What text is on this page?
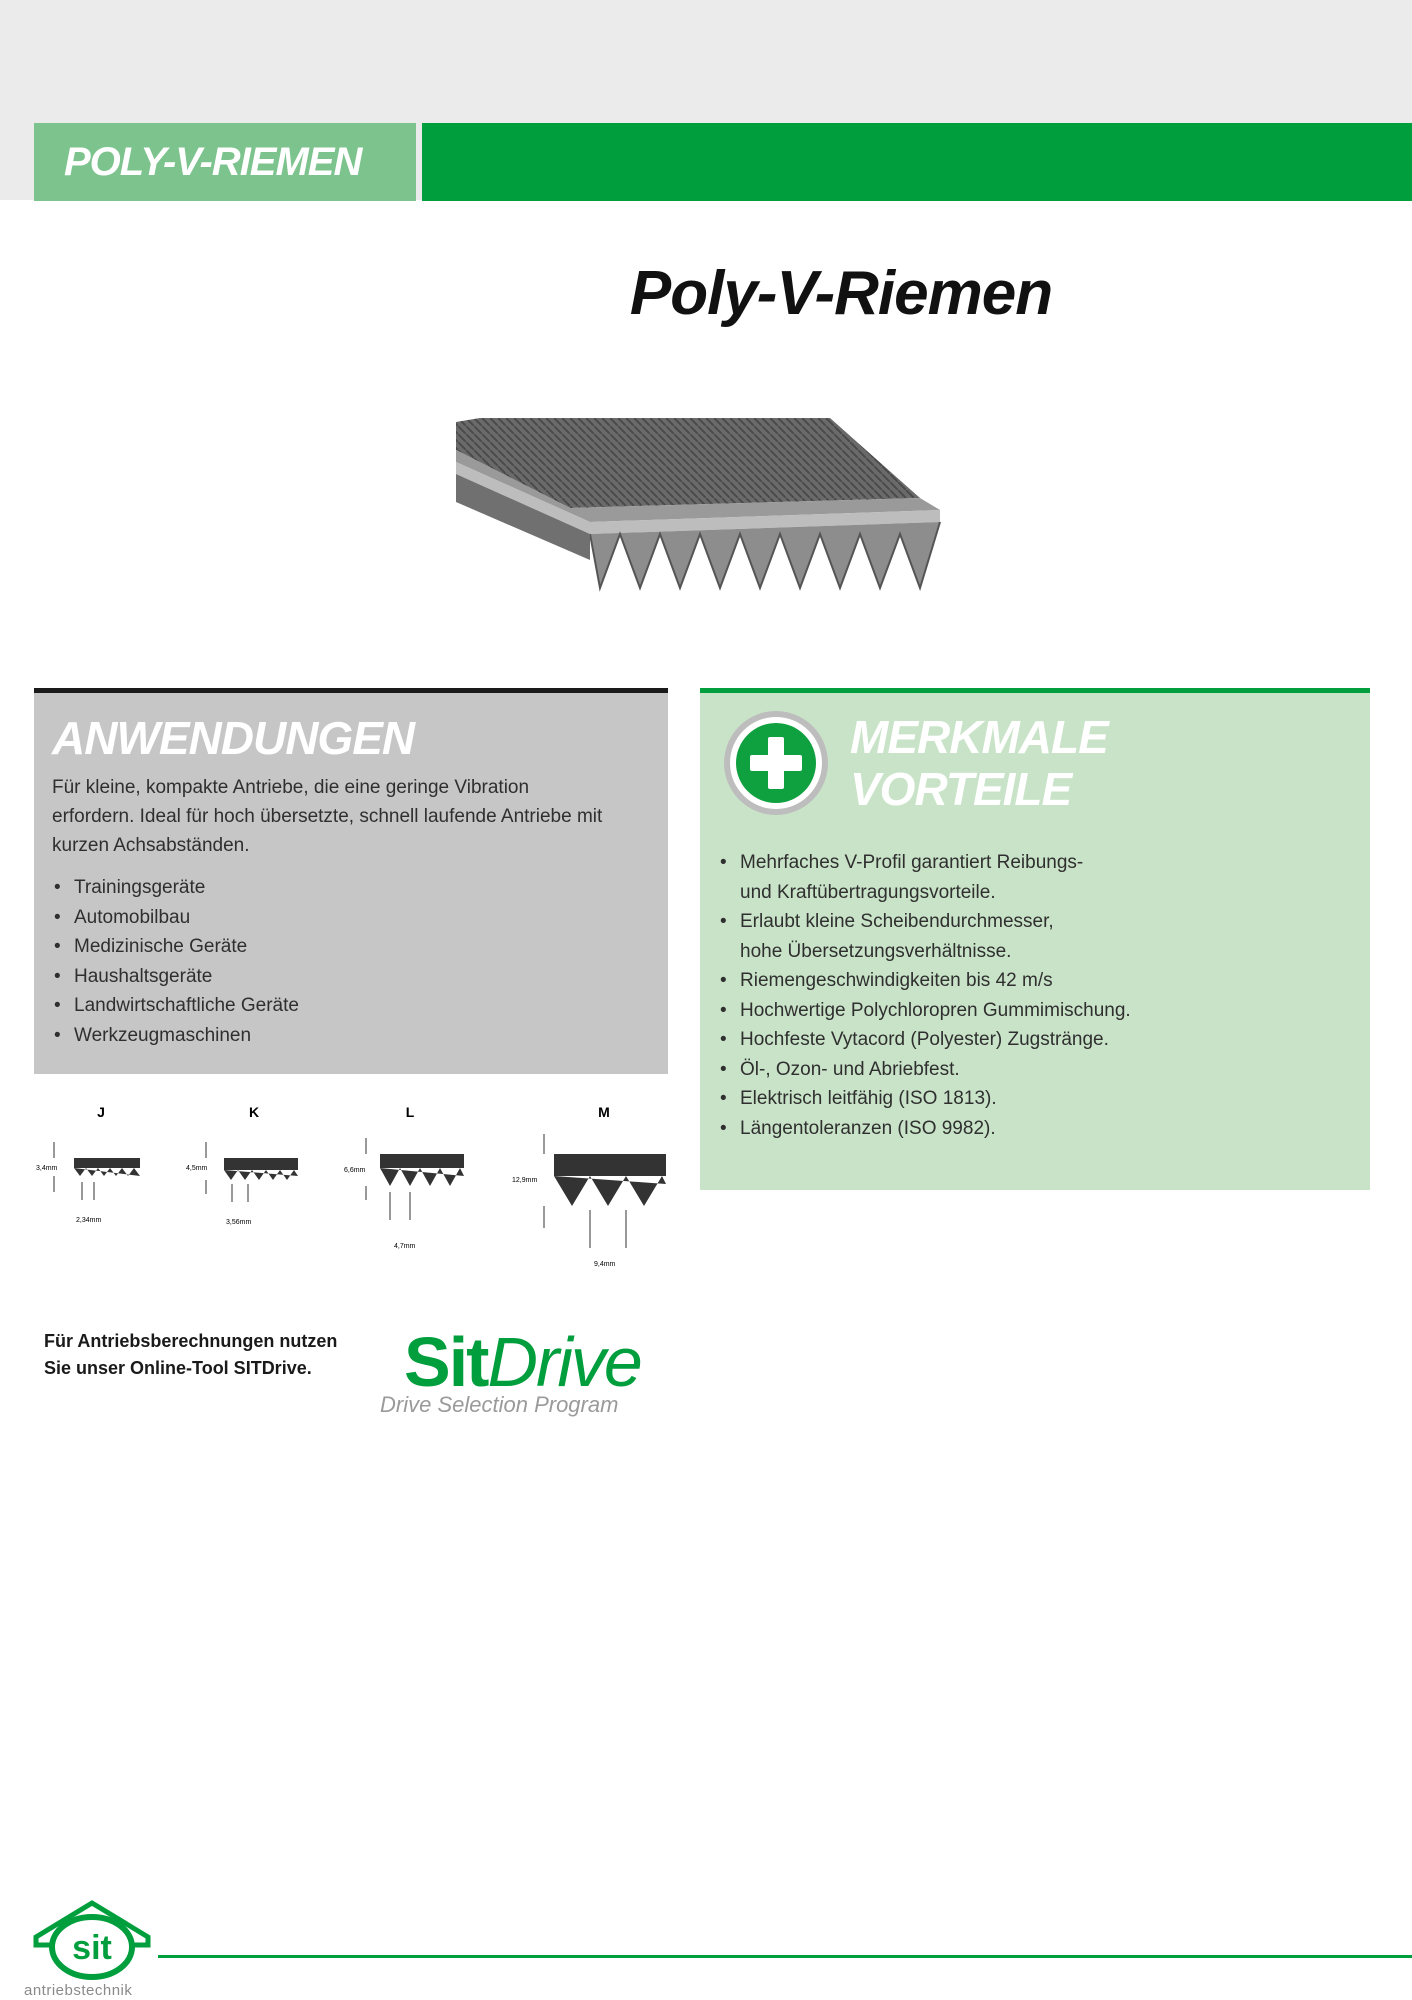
POLY-V-RIEMEN
Poly-V-Riemen
ANWENDUNGEN

Für kleine, kompakte Antriebe, die eine geringe Vibration erfordern. Ideal für hoch übersetzte, schnell laufende Antriebe mit kurzen Achsabständen.

• Trainingsgeräte
• Automobilbau
• Medizinische Geräte
• Haushaltsgeräte
• Landwirtschaftliche Geräte
• Werkzeugmaschinen
MERKMALE
VORTEILE
• Mehrfaches V-Profil garantiert Reibungs-
und Kraftübertragungsvorteile.
• Erlaubt kleine Scheibendurchmesser,
hohe Übersetzungsverhältnisse.
• Riemengeschwindigkeiten bis 42 m/s
• Hochwertige Polychloropren Gummimischung.
• Hochfeste Vytacord (Polyester) Zugstränge.
• Öl-, Ozon- und Abriebfest.
• Elektrisch leitfähig (ISO 1813).
• Längentoleranzen (ISO 9982).
J
3,4mm
2,34mm
K
4,5mm
3,56mm
L
6,6mm
4,7mm
M
12,9mm
9,4mm
Für Antriebsberechnungen nutzen
Sie unser Online-Tool SITDrive.	SitDrive
Drive Selection Program
sit
antriebstechnik
